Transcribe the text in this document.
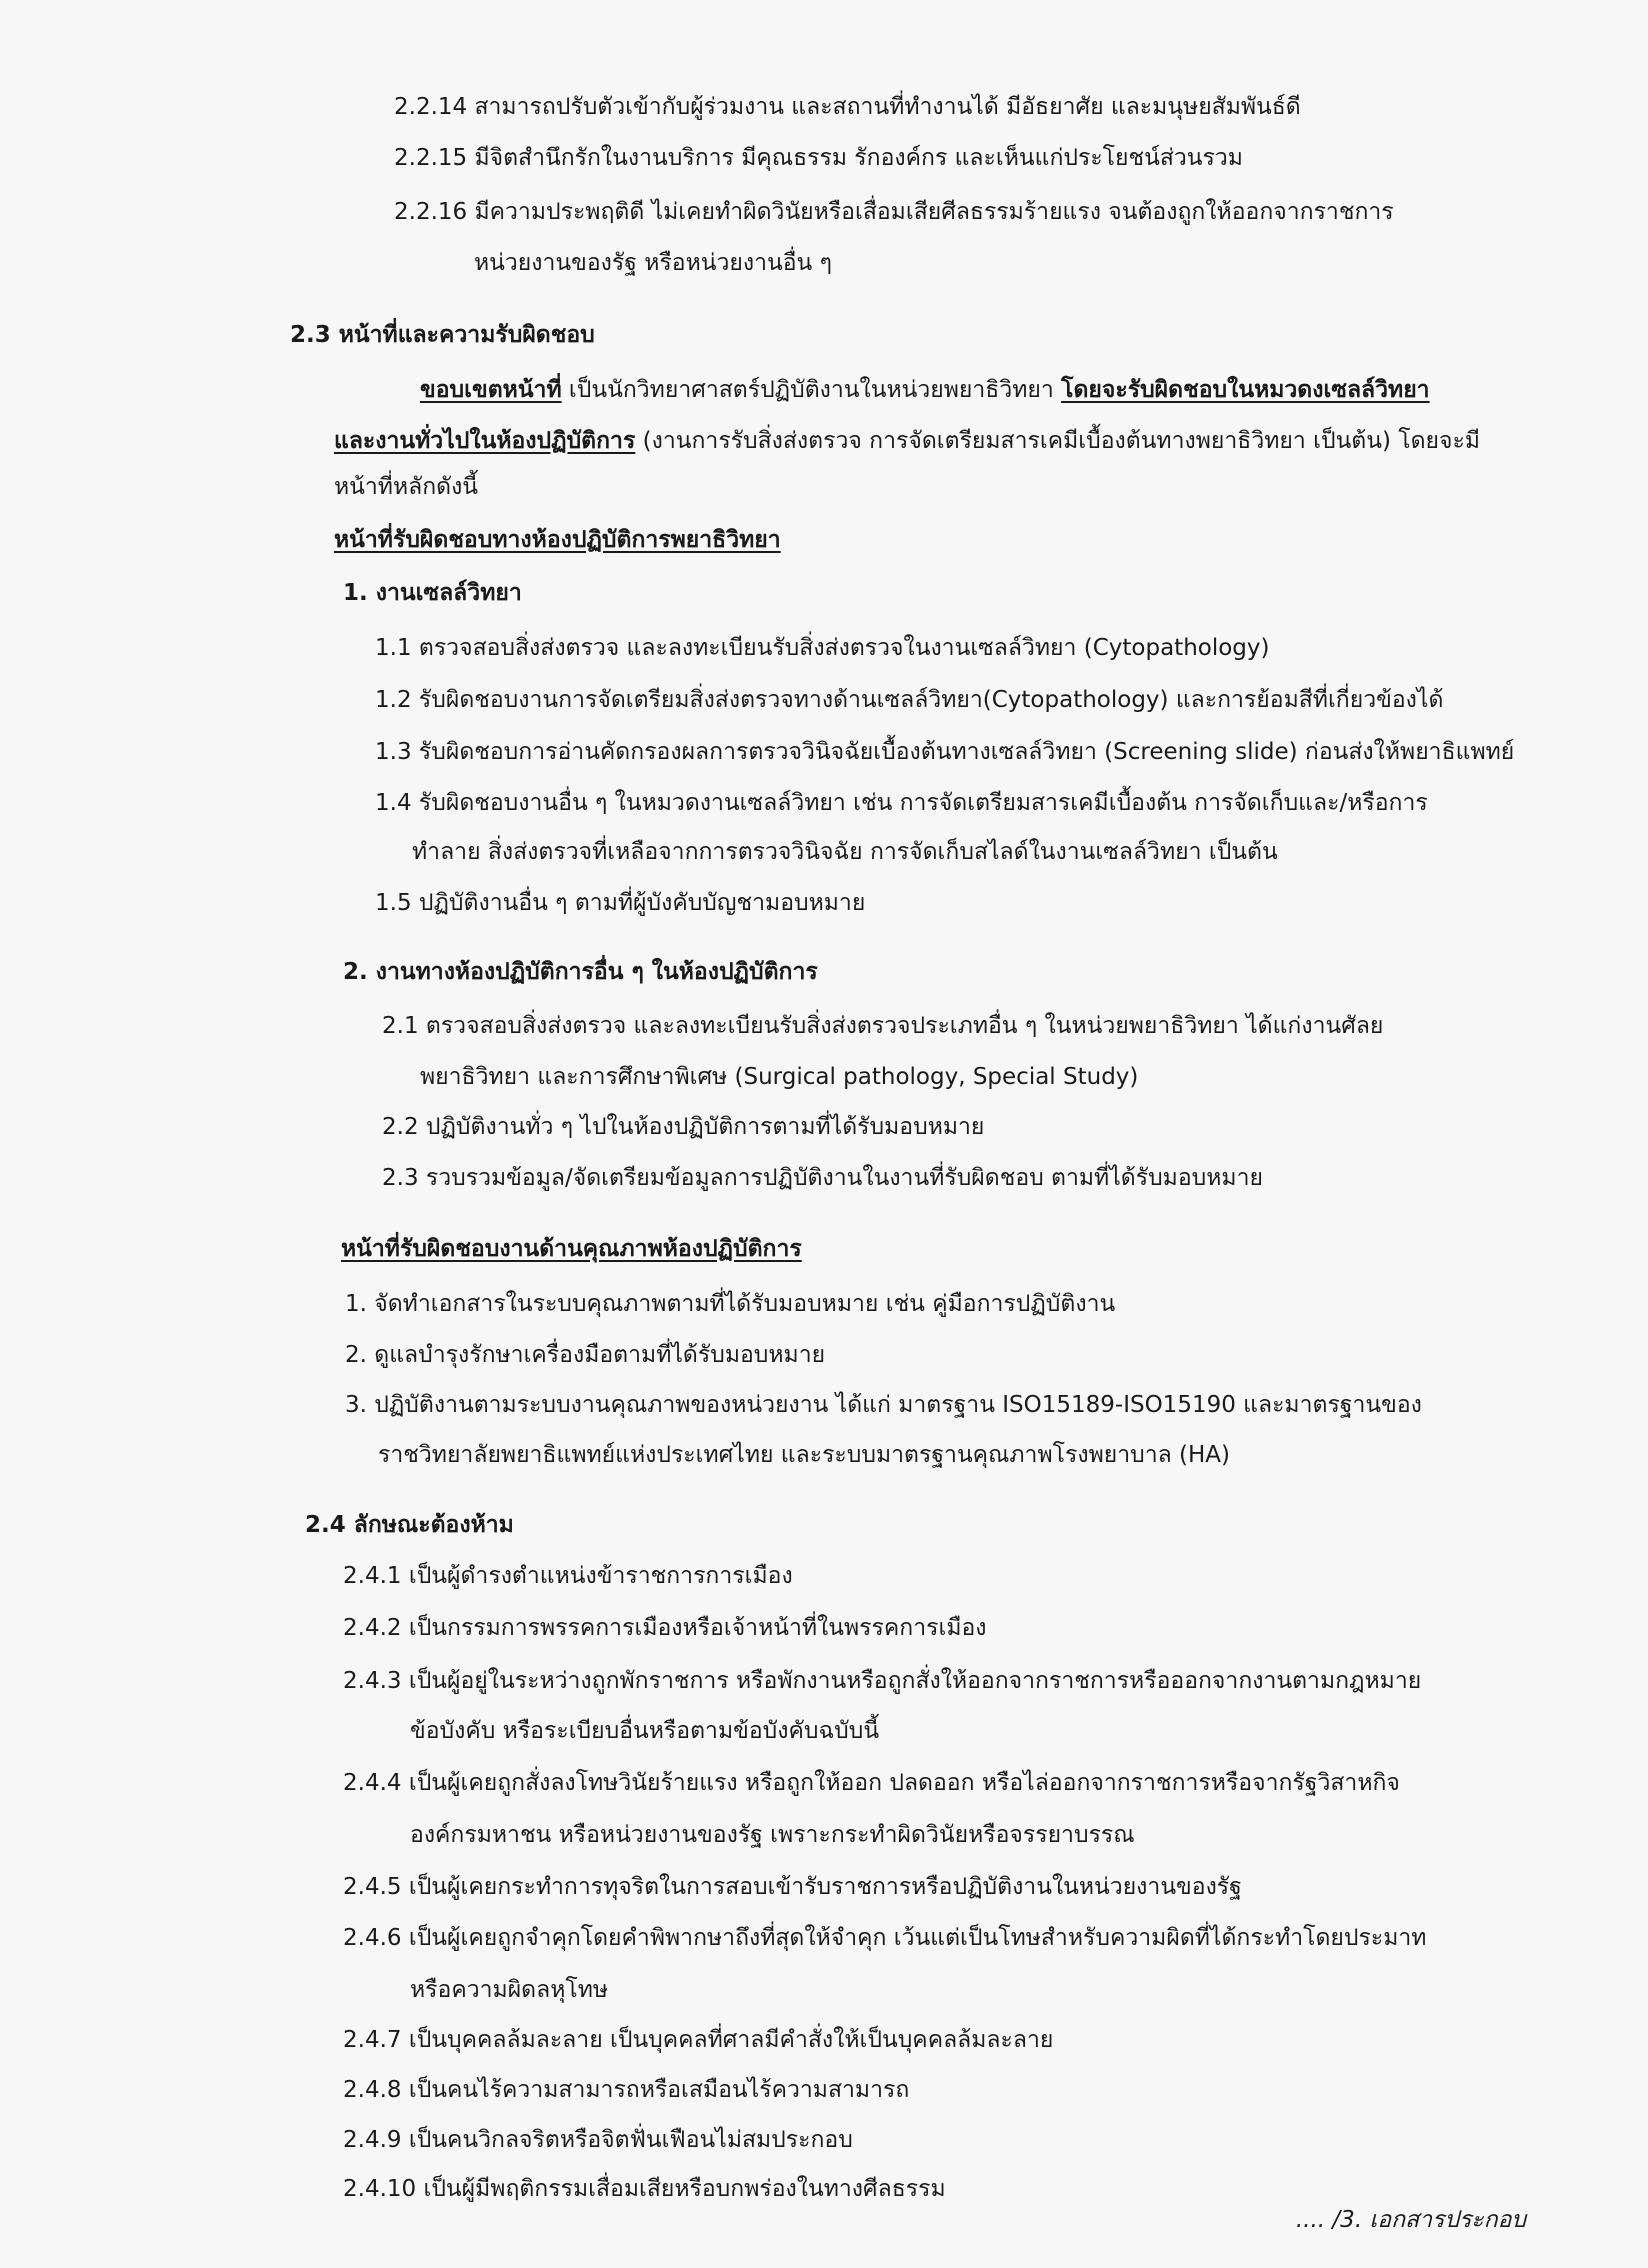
2.2.14 สามารถปรับตัวเข้ากับผู้ร่วมงาน และสถานที่ทำงานได้ มีอัธยาศัย และมนุษยสัมพันธ์ดี
2.2.15 มีจิตสำนึกรักในงานบริการ มีคุณธรรม รักองค์กร และเห็นแก่ประโยชน์ส่วนรวม
2.2.16 มีความประพฤติดี ไม่เคยทำผิดวินัยหรือเสื่อมเสียศีลธรรมร้ายแรง จนต้องถูกให้ออกจากราชการ
หน่วยงานของรัฐ หรือหน่วยงานอื่น ๆ
2.3 หน้าที่และความรับผิดชอบ
ขอบเขตหน้าที่ เป็นนักวิทยาศาสตร์ปฏิบัติงานในหน่วยพยาธิวิทยา โดยจะรับผิดชอบในหมวดงเซลล์วิทยา
และงานทั่วไปในห้องปฏิบัติการ (งานการรับสิ่งส่งตรวจ การจัดเตรียมสารเคมีเบื้องต้นทางพยาธิวิทยา เป็นต้น) โดยจะมี
หน้าที่หลักดังนี้
หน้าที่รับผิดชอบทางห้องปฏิบัติการพยาธิวิทยา
1. งานเซลล์วิทยา
1.1 ตรวจสอบสิ่งส่งตรวจ และลงทะเบียนรับสิ่งส่งตรวจในงานเซลล์วิทยา (Cytopathology)
1.2 รับผิดชอบงานการจัดเตรียมสิ่งส่งตรวจทางด้านเซลล์วิทยา(Cytopathology) และการย้อมสีที่เกี่ยวข้องได้
1.3 รับผิดชอบการอ่านคัดกรองผลการตรวจวินิจฉัยเบื้องต้นทางเซลล์วิทยา (Screening slide) ก่อนส่งให้พยาธิแพทย์
1.4 รับผิดชอบงานอื่น ๆ ในหมวดงานเซลล์วิทยา เช่น การจัดเตรียมสารเคมีเบื้องต้น การจัดเก็บและ/หรือการ
ทำลาย สิ่งส่งตรวจที่เหลือจากการตรวจวินิจฉัย การจัดเก็บสไลด์ในงานเซลล์วิทยา เป็นต้น
1.5 ปฏิบัติงานอื่น ๆ ตามที่ผู้บังคับบัญชามอบหมาย
2. งานทางห้องปฏิบัติการอื่น ๆ ในห้องปฏิบัติการ
2.1 ตรวจสอบสิ่งส่งตรวจ และลงทะเบียนรับสิ่งส่งตรวจประเภทอื่น ๆ ในหน่วยพยาธิวิทยา ได้แก่งานศัลย
พยาธิวิทยา และการศึกษาพิเศษ (Surgical pathology, Special Study)
2.2 ปฏิบัติงานทั่ว ๆ ไปในห้องปฏิบัติการตามที่ได้รับมอบหมาย
2.3 รวบรวมข้อมูล/จัดเตรียมข้อมูลการปฏิบัติงานในงานที่รับผิดชอบ ตามที่ได้รับมอบหมาย
หน้าที่รับผิดชอบงานด้านคุณภาพห้องปฏิบัติการ
1. จัดทำเอกสารในระบบคุณภาพตามที่ได้รับมอบหมาย เช่น คู่มือการปฏิบัติงาน
2. ดูแลบำรุงรักษาเครื่องมือตามที่ได้รับมอบหมาย
3. ปฏิบัติงานตามระบบงานคุณภาพของหน่วยงาน ได้แก่ มาตรฐาน ISO15189-ISO15190 และมาตรฐานของ
ราชวิทยาลัยพยาธิแพทย์แห่งประเทศไทย และระบบมาตรฐานคุณภาพโรงพยาบาล (HA)
2.4 ลักษณะต้องห้าม
2.4.1 เป็นผู้ดำรงตำแหน่งข้าราชการการเมือง
2.4.2 เป็นกรรมการพรรคการเมืองหรือเจ้าหน้าที่ในพรรคการเมือง
2.4.3 เป็นผู้อยู่ในระหว่างถูกพักราชการ หรือพักงานหรือถูกสั่งให้ออกจากราชการหรือออกจากงานตามกฎหมาย
ข้อบังคับ หรือระเบียบอื่นหรือตามข้อบังคับฉบับนี้
2.4.4 เป็นผู้เคยถูกสั่งลงโทษวินัยร้ายแรง หรือถูกให้ออก ปลดออก หรือไล่ออกจากราชการหรือจากรัฐวิสาหกิจ
องค์กรมหาชน หรือหน่วยงานของรัฐ เพราะกระทำผิดวินัยหรือจรรยาบรรณ
2.4.5 เป็นผู้เคยกระทำการทุจริตในการสอบเข้ารับราชการหรือปฏิบัติงานในหน่วยงานของรัฐ
2.4.6 เป็นผู้เคยถูกจำคุกโดยคำพิพากษาถึงที่สุดให้จำคุก เว้นแต่เป็นโทษสำหรับความผิดที่ได้กระทำโดยประมาท
หรือความผิดลหุโทษ
2.4.7 เป็นบุคคลล้มละลาย เป็นบุคคลที่ศาลมีคำสั่งให้เป็นบุคคลล้มละลาย
2.4.8 เป็นคนไร้ความสามารถหรือเสมือนไร้ความสามารถ
2.4.9 เป็นคนวิกลจริตหรือจิตฟั่นเฟือนไม่สมประกอบ
2.4.10 เป็นผู้มีพฤติกรรมเสื่อมเสียหรือบกพร่องในทางศีลธรรม
.... /3. เอกสารประกอบ
